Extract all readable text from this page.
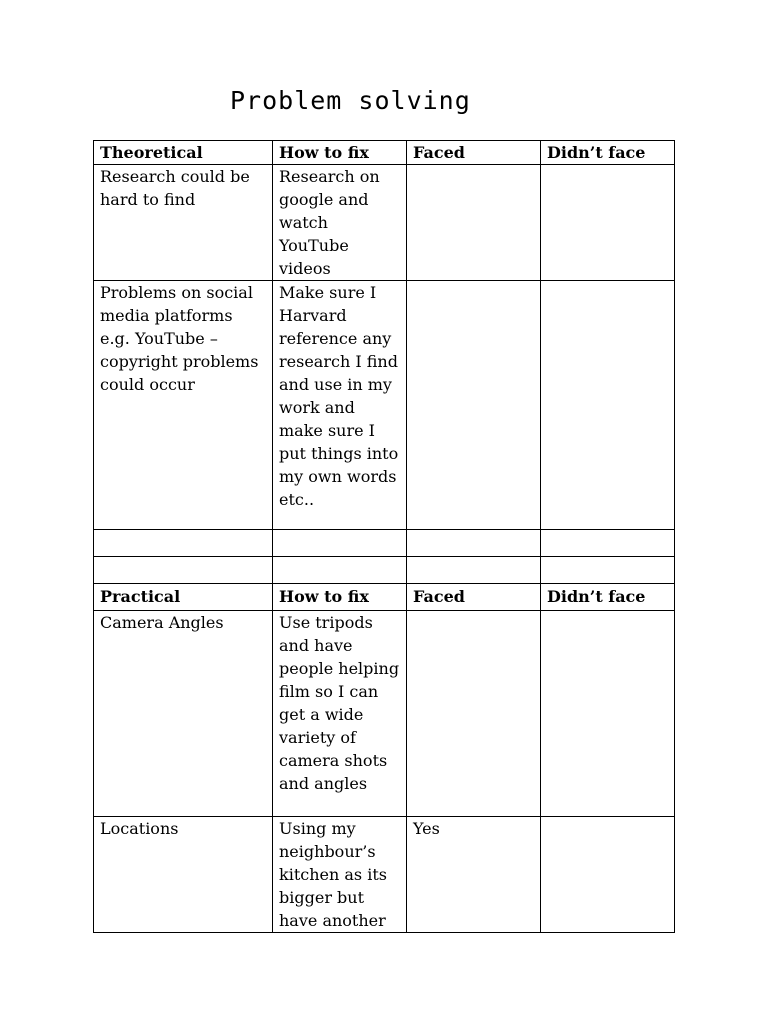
Problem solving
Theoretical	How to fix	Faced	Didn’t face
Research could be hard to find	Research on google and watch YouTube videos		
Problems on social media platforms e.g. YouTube – copyright problems could occur	Make sure I Harvard reference any research I find and use in my work and make sure I put things into my own words etc..		

Practical	How to fix	Faced	Didn’t face
Camera Angles	Use tripods and have people helping film so I can get a wide variety of camera shots and angles		
Locations	Using my neighbour’s kitchen as its bigger but have another	Yes	
